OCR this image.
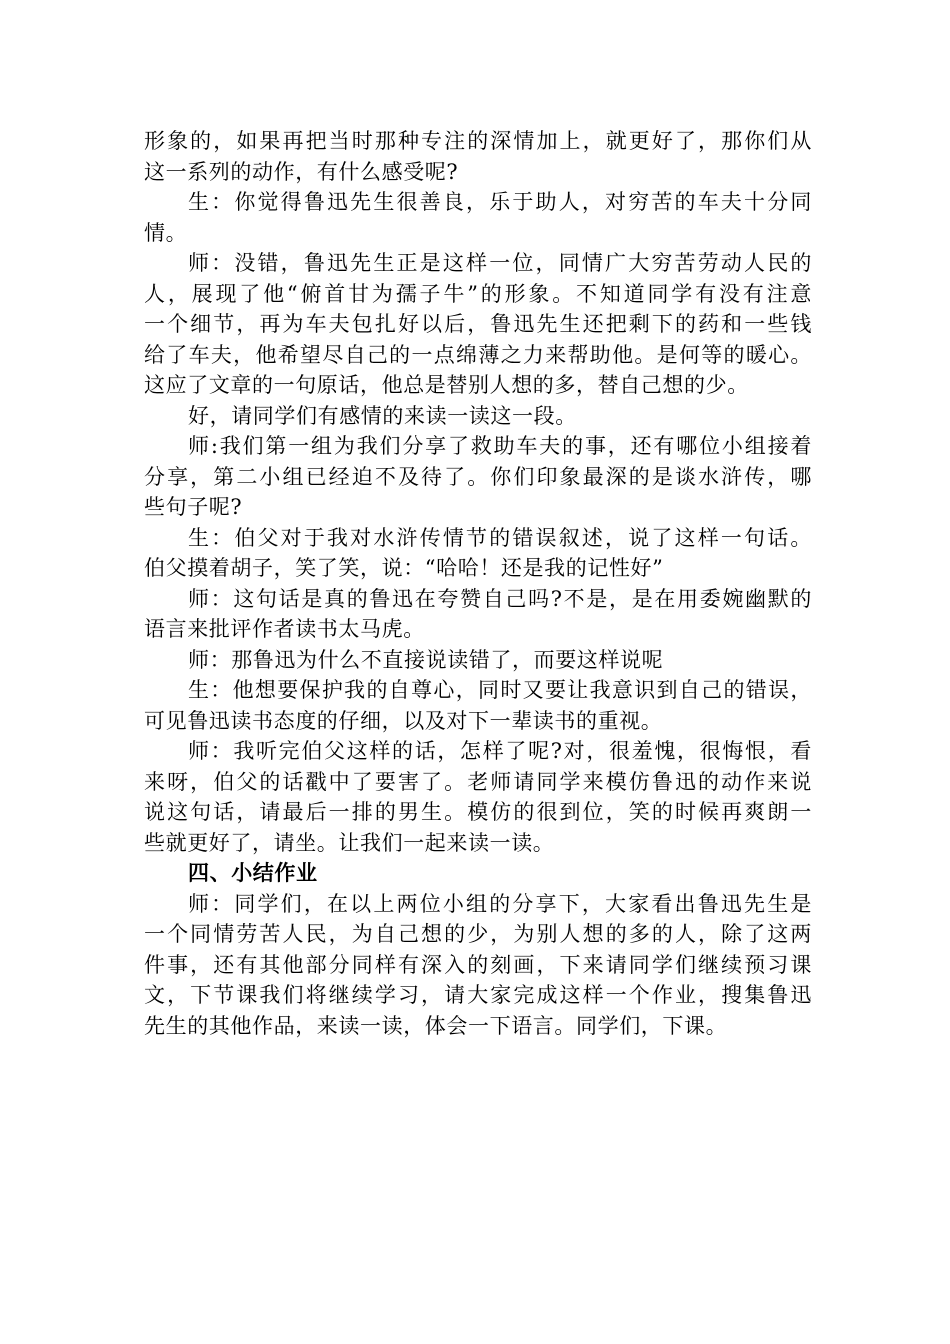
形象的，如果再把当时那种专注的深情加上，就更好了，那你们从
这一系列的动作，有什么感受呢?
生：你觉得鲁迅先生很善良，乐于助人，对穷苦的车夫十分同
情。
师：没错，鲁迅先生正是这样一位，同情广大穷苦劳动人民的
人，展现了他“俯首甘为孺子牛”的形象。不知道同学有没有注意
一个细节，再为车夫包扎好以后，鲁迅先生还把剩下的药和一些钱
给了车夫，他希望尽自己的一点绵薄之力来帮助他。是何等的暖心。
这应了文章的一句原话，他总是替别人想的多，替自己想的少。
好，请同学们有感情的来读一读这一段。
师:我们第一组为我们分享了救助车夫的事，还有哪位小组接着
分享，第二小组已经迫不及待了。你们印象最深的是谈水浒传，哪
些句子呢?
生：伯父对于我对水浒传情节的错误叙述，说了这样一句话。
伯父摸着胡子，笑了笑，说：“哈哈！还是我的记性好”
师：这句话是真的鲁迅在夸赞自己吗?不是，是在用委婉幽默的
语言来批评作者读书太马虎。
师：那鲁迅为什么不直接说读错了，而要这样说呢
生：他想要保护我的自尊心，同时又要让我意识到自己的错误，
可见鲁迅读书态度的仔细，以及对下一辈读书的重视。
师：我听完伯父这样的话，怎样了呢?对，很羞愧，很悔恨，看
来呀，伯父的话戳中了要害了。老师请同学来模仿鲁迅的动作来说
说这句话，请最后一排的男生。模仿的很到位，笑的时候再爽朗一
些就更好了，请坐。让我们一起来读一读。
四、小结作业
师：同学们，在以上两位小组的分享下，大家看出鲁迅先生是
一个同情劳苦人民，为自己想的少，为别人想的多的人，除了这两
件事，还有其他部分同样有深入的刻画，下来请同学们继续预习课
文，下节课我们将继续学习，请大家完成这样一个作业，搜集鲁迅
先生的其他作品，来读一读，体会一下语言。同学们，下课。
